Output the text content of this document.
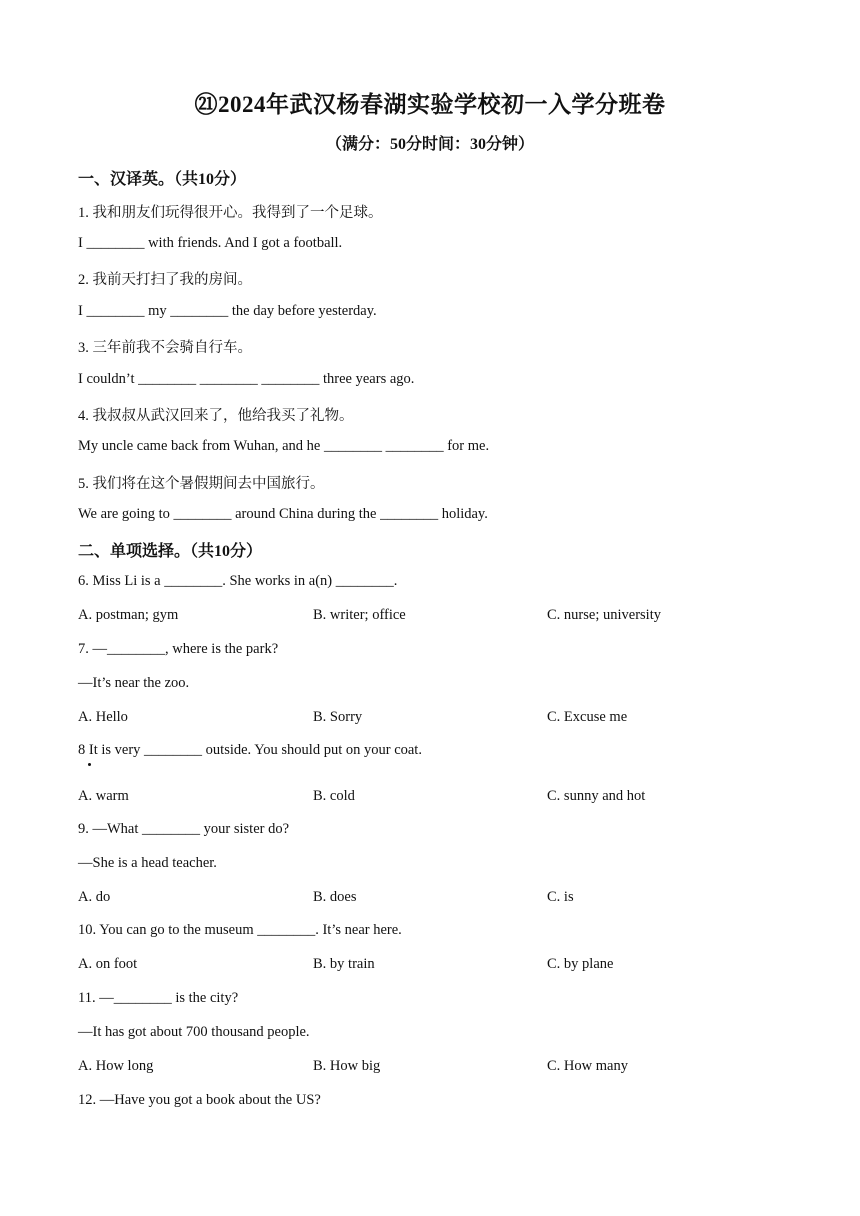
㉑2024年武汉杨春湖实验学校初一入学分班卷
（满分：50分时间：30分钟）
一、汉译英。（共10分）
1. 我和朋友们玩得很开心。我得到了一个足球。
I ________ with friends. And I got a football.
2. 我前天打扫了我的房间。
I ________ my ________ the day before yesterday.
3. 三年前我不会骑自行车。
I couldn’t ________ ________ ________ three years ago.
4. 我叔叔从武汉回来了，他给我买了礼物。
My uncle came back from Wuhan, and he ________ ________ for me.
5. 我们将在这个暑假期间去中国旅行。
We are going to ________ around China during the ________ holiday.
二、单项选择。（共10分）
6. Miss Li is a ________. She works in a(n) ________.
A. postman; gym	B. writer; office	C. nurse; university
7. —________, where is the park?
—It’s near the zoo.
A. Hello	B. Sorry	C. Excuse me
8 It is very ________ outside. You should put on your coat.
A. warm	B. cold	C. sunny and hot
9. —What ________ your sister do?
—She is a head teacher.
A. do	B. does	C. is
10. You can go to the museum ________. It’s near here.
A. on foot	B. by train	C. by plane
11. —________ is the city?
—It has got about 700 thousand people.
A. How long	B. How big	C. How many
12. —Have you got a book about the US?
